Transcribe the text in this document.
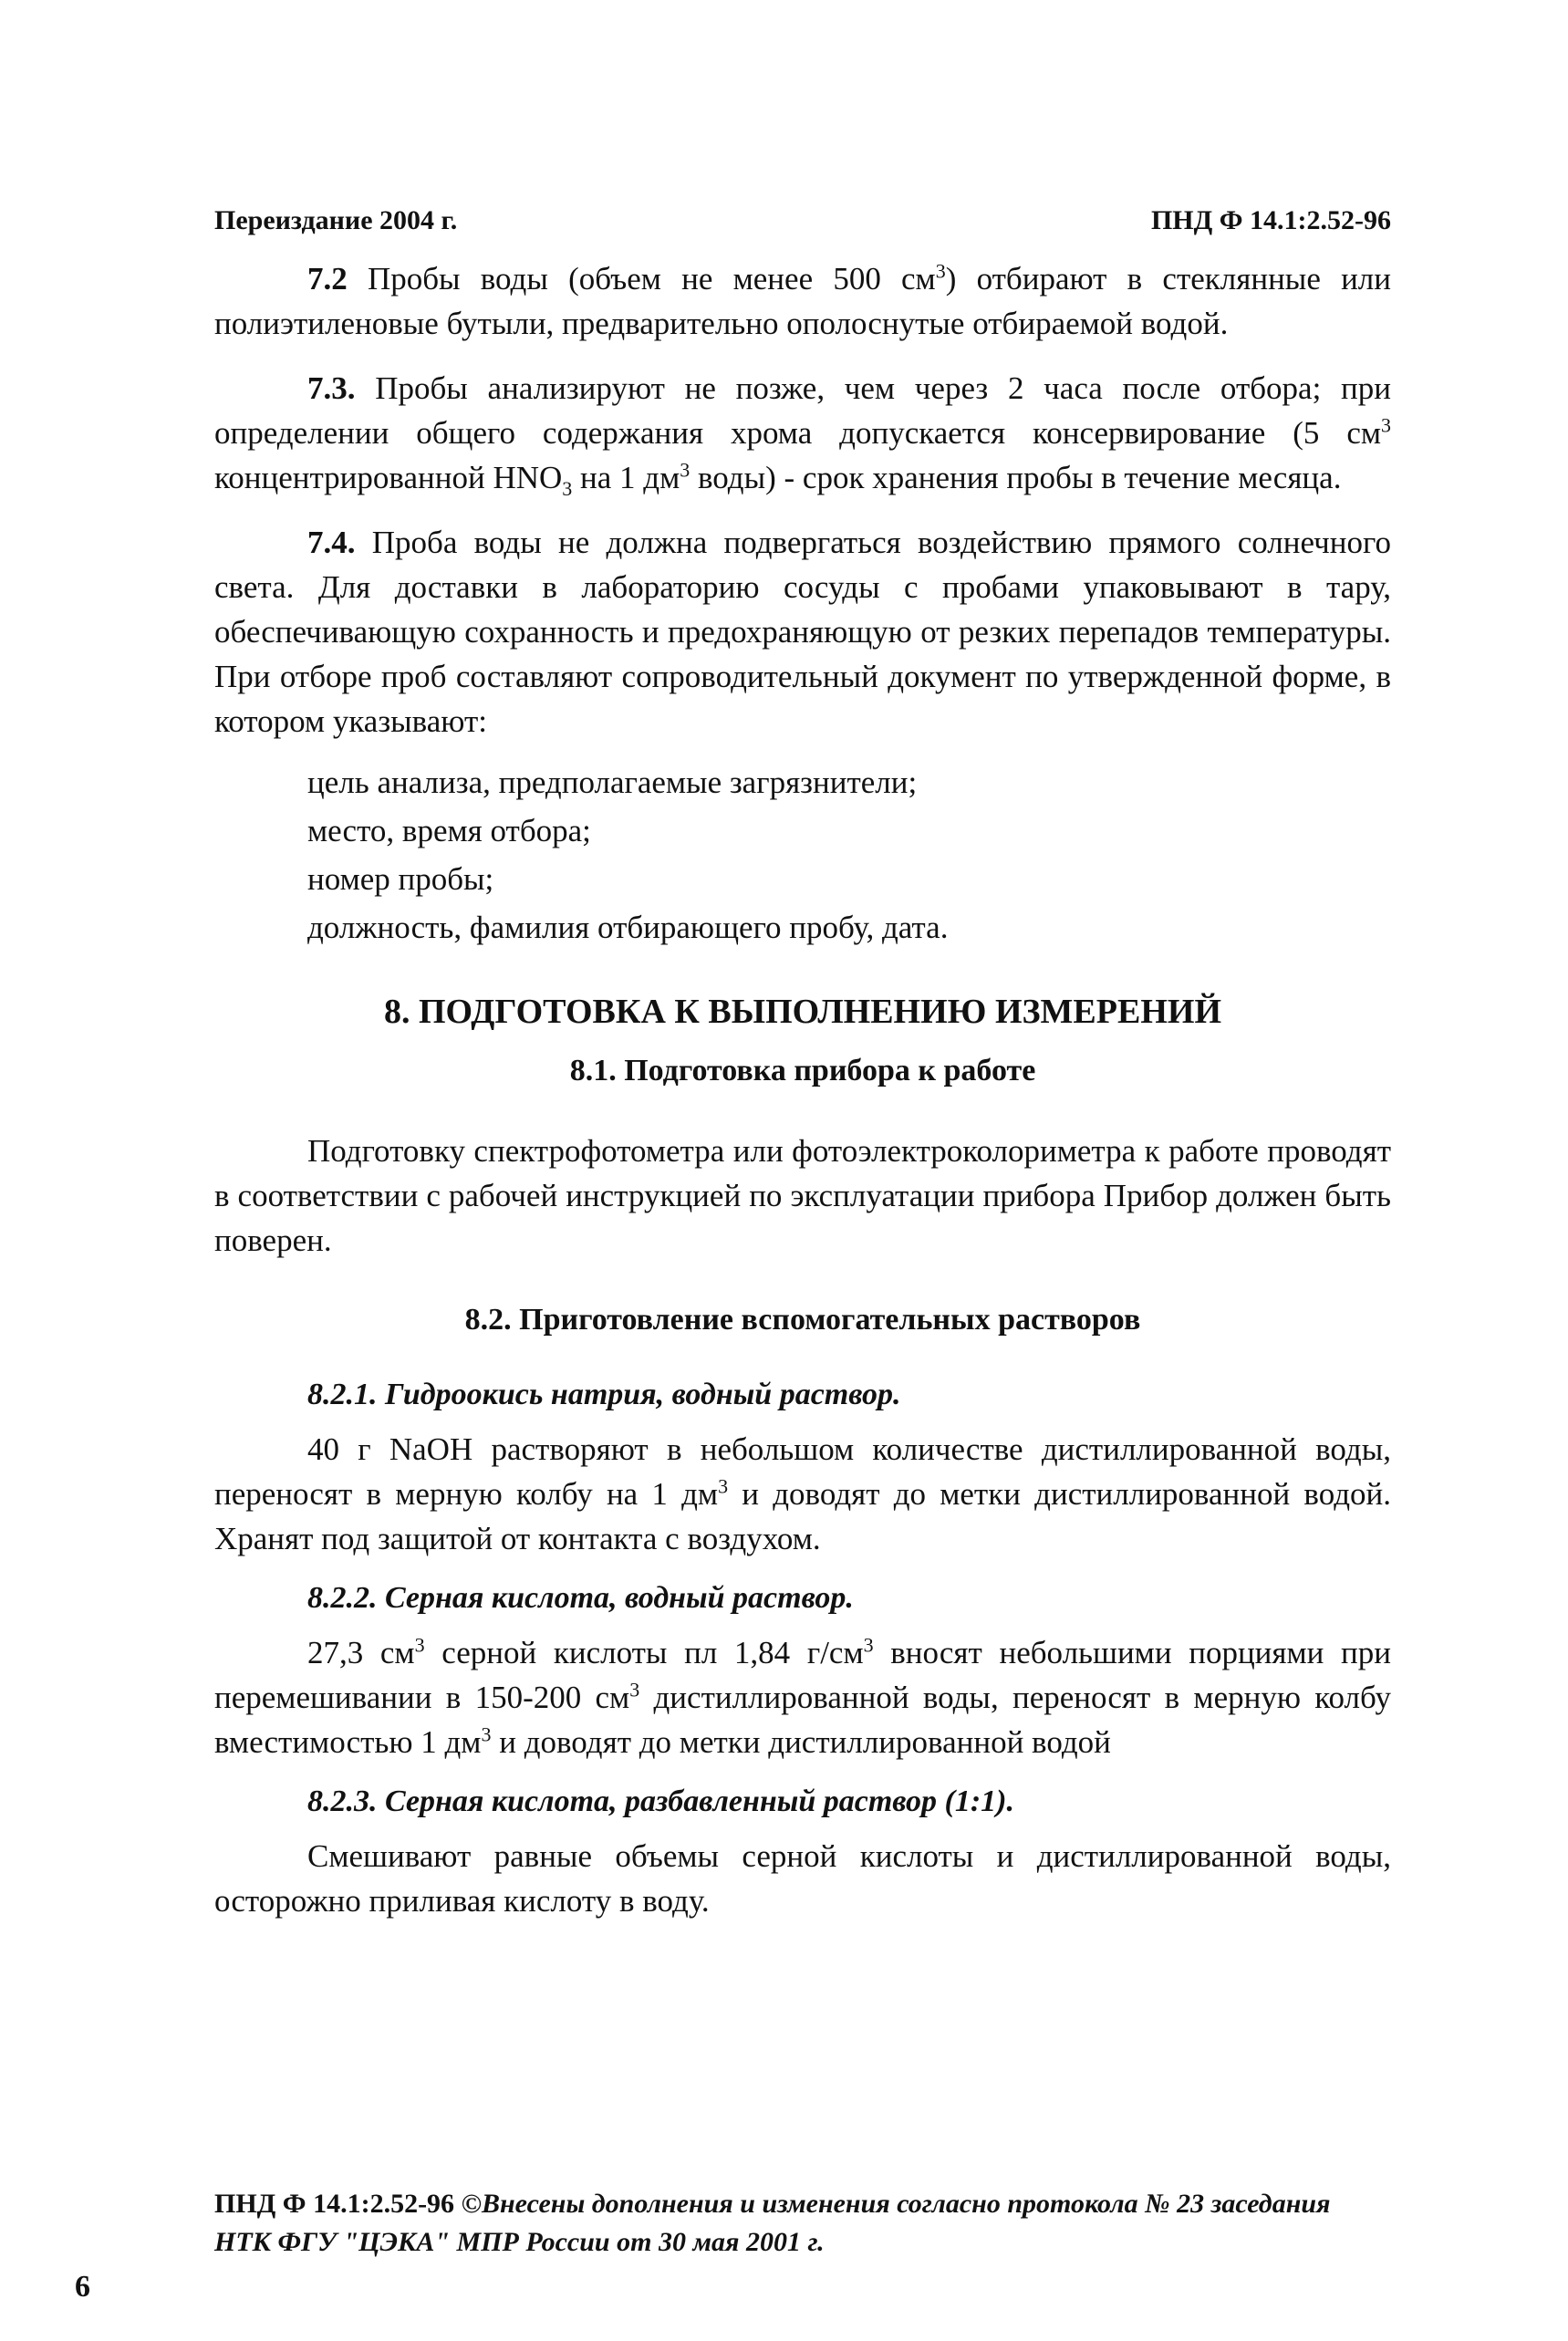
Переиздание 2004 г.	ПНД Ф 14.1:2.52-96

7.2 Пробы воды (объем не менее 500 $см^3$) отбирают в стеклянные или полиэтиленовые бутыли, предварительно ополоснутые отбираемой водой.

7.3. Пробы анализируют не позже, чем через 2 часа после отбора; при определении общего содержания хрома допускается консервирование (5 $см^3$ концентрированной $HNO_3$ на 1 $дм^3$ воды) - срок хранения пробы в течение месяца.

7.4. Проба воды не должна подвергаться воздействию прямого солнечного света. Для доставки в лабораторию сосуды с пробами упаковывают в тару, обеспечивающую сохранность и предохраняющую от резких перепадов температуры. При отборе проб составляют сопроводительный документ по утвержденной форме, в котором указывают:

цель анализа, предполагаемые загрязнители;
место, время отбора;
номер пробы;
должность, фамилия отбирающего пробу, дата.
8. ПОДГОТОВКА К ВЫПОЛНЕНИЮ ИЗМЕРЕНИЙ
8.1. Подготовка прибора к работе

Подготовку спектрофотометра или фотоэлектроколориметра к работе проводят в соответствии с рабочей инструкцией по эксплуатации прибора Прибор должен быть поверен.

8.2. Приготовление вспомогательных растворов
8.2.1. Гидроокись натрия, водный раствор.

40 г NaOH растворяют в небольшом количестве дистиллированной воды, переносят в мерную колбу на 1 $дм^3$ и доводят до метки дистиллированной водой. Хранят под защитой от контакта с воздухом.

8.2.2. Серная кислота, водный раствор.

27,3 $см^3$ серной кислоты пл 1,84 $г/см^3$ вносят небольшими порциями при перемешивании в 150-200 $см^3$ дистиллированной воды, переносят в мерную колбу вместимостью 1 $дм^3$ и доводят до метки дистиллированной водой

8.2.3. Серная кислота, разбавленный раствор (1:1).

Смешивают равные объемы серной кислоты и дистиллированной воды, осторожно приливая кислоту в воду.

ПНД Ф 14.1:2.52-96 ©Внесены дополнения и изменения согласно протокола № 23 заседания НТК ФГУ "ЦЭКА" МПР России от 30 мая 2001 г.
6
